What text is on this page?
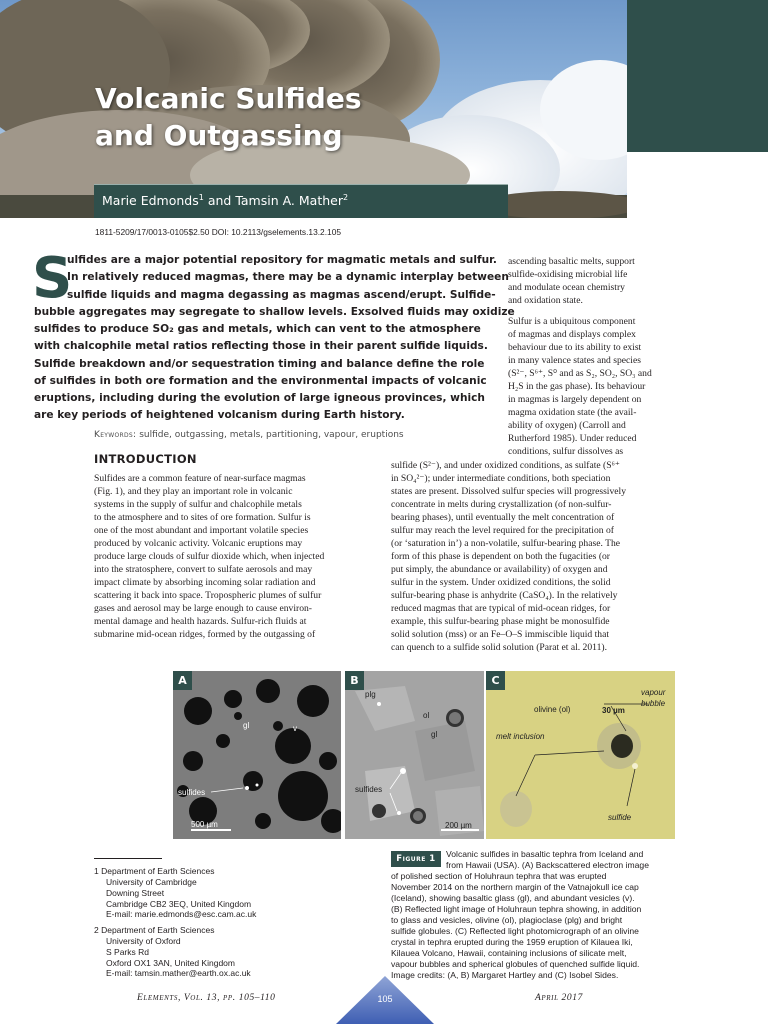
Volcanic Sulfides
and Outgassing
Marie Edmonds$^1$ and Tamsin A. Mather$^2$
1811-5209/17/0013-0105$2.50 DOI: 10.2113/gselements.13.2.105
S
ulfides are a major potential repository for magmatic metals and sulfur.
In relatively reduced magmas, there may be a dynamic interplay between
sulfide liquids and magma degassing as magmas ascend/erupt. Sulfide-
bubble aggregates may segregate to shallow levels. Exsolved fluids may oxidize
sulfides to produce SO₂ gas and metals, which can vent to the atmosphere
with chalcophile metal ratios reflecting those in their parent sulfide liquids.
Sulfide breakdown and/or sequestration timing and balance define the role
of sulfides in both ore formation and the environmental impacts of volcanic
eruptions, including during the evolution of large igneous provinces, which
are key periods of heightened volcanism during Earth history.
Keywords: sulfide, outgassing, metals, partitioning, vapour, eruptions
ascending basaltic melts, support
sulfide-oxidising microbial life
and modulate ocean chemistry
and oxidation state.
Sulfur is a ubiquitous component
of magmas and displays complex
behaviour due to its ability to exist
in many valence states and species
(S²⁻, S⁶⁺, S⁰ and as S₂, SO₂, SO₃ and
H₂S in the gas phase). Its behaviour
in magmas is largely dependent on
magma oxidation state (the avail-
ability of oxygen) (Carroll and
Rutherford 1985). Under reduced
conditions, sulfur dissolves as
INTRODUCTION
Sulfides are a common feature of near-surface magmas
(Fig. 1), and they play an important role in volcanic
systems in the supply of sulfur and chalcophile metals
to the atmosphere and to sites of ore formation. Sulfur is
one of the most abundant and important volatile species
produced by volcanic activity. Volcanic eruptions may
produce large clouds of sulfur dioxide which, when injected
into the stratosphere, convert to sulfate aerosols and may
impact climate by absorbing incoming solar radiation and
scattering it back into space. Tropospheric plumes of sulfur
gases and aerosol may be large enough to cause environ-
mental damage and health hazards. Sulfur-rich fluids at
submarine mid-ocean ridges, formed by the outgassing of
sulfide (S²⁻), and under oxidized conditions, as sulfate (S⁶⁺
in SO₄²⁻); under intermediate conditions, both speciation
states are present. Dissolved sulfur species will progressively
concentrate in melts during crystallization (of non-sulfur-
bearing phases), until eventually the melt concentration of
sulfur may reach the level required for the precipitation of
(or ‘saturation in’) a non-volatile, sulfur-bearing phase. The
form of this phase is dependent on both the fugacities (or
put simply, the abundance or availability) of oxygen and
sulfur in the system. Under oxidized conditions, the solid
sulfur-bearing phase is anhydrite (CaSO₄). In the relatively
reduced magmas that are typical of mid-ocean ridges, for
example, this sulfur-bearing phase might be monosulfide
solid solution (mss) or an Fe–O–S immiscible liquid that
can quench to a sulfide solid solution (Parat et al. 2011).
A
gl	v
sulfides
500 µm
B
plg
ol
gl
sulfides
200 µm
C
olivine (ol)	30 µm
vapour
bubble
melt inclusion
sulfide
1 Department of Earth Sciences
University of Cambridge
Downing Street
Cambridge CB2 3EQ, United Kingdom
E-mail: marie.edmonds@esc.cam.ac.uk
2 Department of Earth Sciences
University of Oxford
S Parks Rd
Oxford OX1 3AN, United Kingdom
E-mail: tamsin.mather@earth.ox.ac.uk
Figure 1	Volcanic sulfides in basaltic tephra from Iceland and
from Hawaii (USA). (A) Backscattered electron image
of polished section of Holuhraun tephra that was erupted
November 2014 on the northern margin of the Vatnajokull ice cap
(Iceland), showing basaltic glass (gl), and abundant vesicles (v).
(B) Reflected light image of Holuhraun tephra showing, in addition
to glass and vesicles, olivine (ol), plagioclase (plg) and bright
sulfide globules. (C) Reflected light photomicrograph of an olivine
crystal in tephra erupted during the 1959 eruption of Kilauea Iki,
Kilauea Volcano, Hawaii, containing inclusions of silicate melt,
vapour bubbles and spherical globules of quenched sulfide liquid.
Image credits: (A, B) Margaret Hartley and (C) Isobel Sides.
Elements, Vol. 13, pp. 105–110	105	April 2017
